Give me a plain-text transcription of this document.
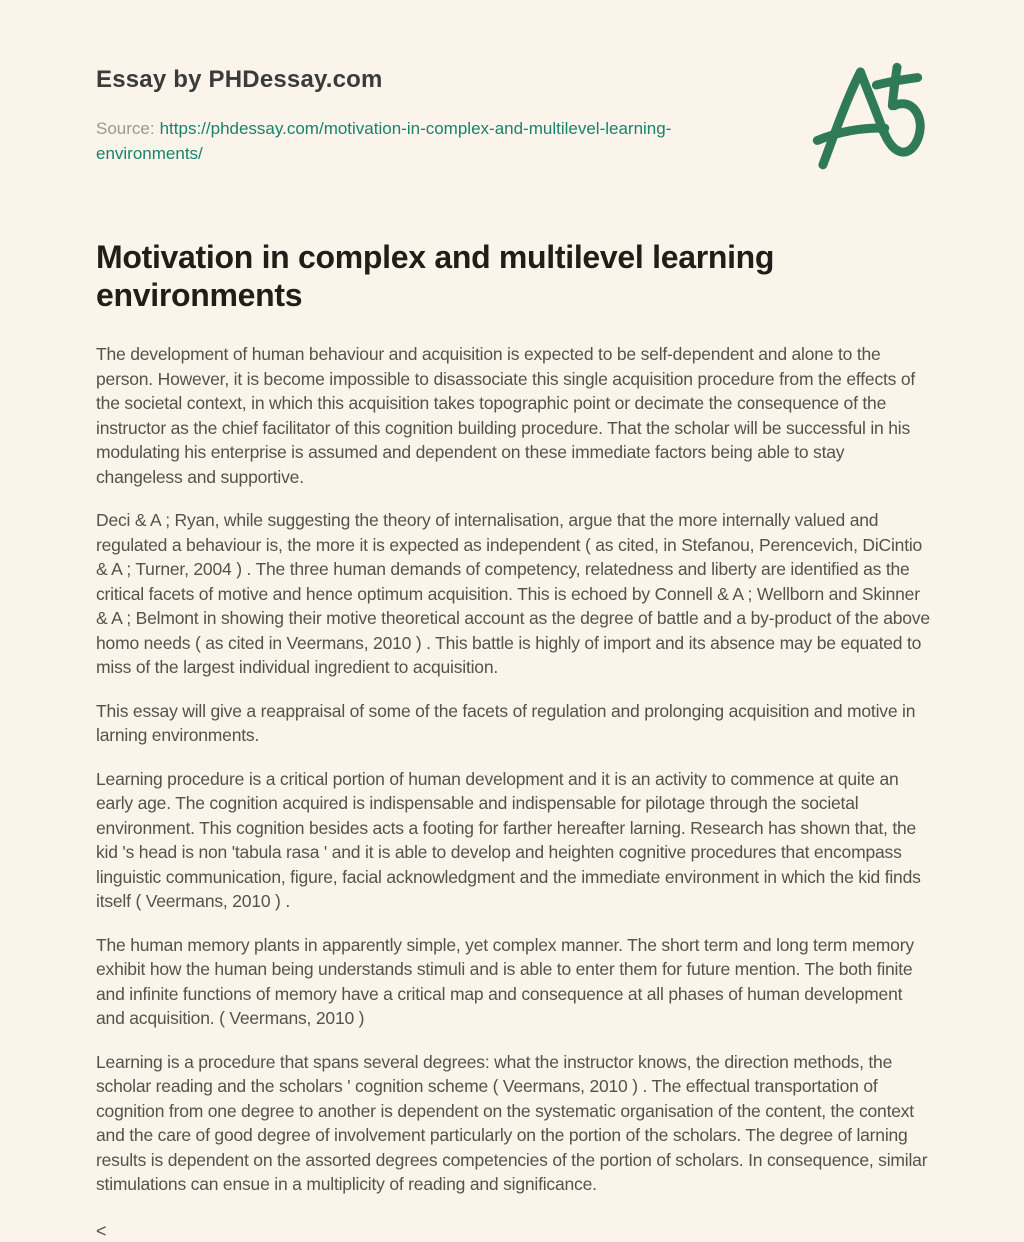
Essay by PHDessay.com

Source: https://phdessay.com/motivation-in-complex-and-multilevel-learning-environments/

Motivation in complex and multilevel learning environments

The development of human behaviour and acquisition is expected to be self-dependent and alone to the person. However, it is become impossible to disassociate this single acquisition procedure from the effects of the societal context, in which this acquisition takes topographic point or decimate the consequence of the instructor as the chief facilitator of this cognition building procedure. That the scholar will be successful in his modulating his enterprise is assumed and dependent on these immediate factors being able to stay changeless and supportive.

Deci & A ; Ryan, while suggesting the theory of internalisation, argue that the more internally valued and regulated a behaviour is, the more it is expected as independent ( as cited, in Stefanou, Perencevich, DiCintio & A ; Turner, 2004 ) . The three human demands of competency, relatedness and liberty are identified as the critical facets of motive and hence optimum acquisition. This is echoed by Connell & A ; Wellborn and Skinner & A ; Belmont in showing their motive theoretical account as the degree of battle and a by-product of the above homo needs ( as cited in Veermans, 2010 ) . This battle is highly of import and its absence may be equated to miss of the largest individual ingredient to acquisition.

This essay will give a reappraisal of some of the facets of regulation and prolonging acquisition and motive in larning environments.

Learning procedure is a critical portion of human development and it is an activity to commence at quite an early age. The cognition acquired is indispensable and indispensable for pilotage through the societal environment. This cognition besides acts a footing for farther hereafter larning. Research has shown that, the kid 's head is non 'tabula rasa ' and it is able to develop and heighten cognitive procedures that encompass linguistic communication, figure, facial acknowledgment and the immediate environment in which the kid finds itself ( Veermans, 2010 ) .

The human memory plants in apparently simple, yet complex manner. The short term and long term memory exhibit how the human being understands stimuli and is able to enter them for future mention. The both finite and infinite functions of memory have a critical map and consequence at all phases of human development and acquisition. ( Veermans, 2010 )

Learning is a procedure that spans several degrees: what the instructor knows, the direction methods, the scholar reading and the scholars ' cognition scheme ( Veermans, 2010 ) . The effectual transportation of cognition from one degree to another is dependent on the systematic organisation of the content, the context and the care of good degree of involvement particularly on the portion of the scholars. The degree of larning results is dependent on the assorted degrees competencies of the portion of scholars. In consequence, similar stimulations can ensue in a multiplicity of reading and significance.

<
